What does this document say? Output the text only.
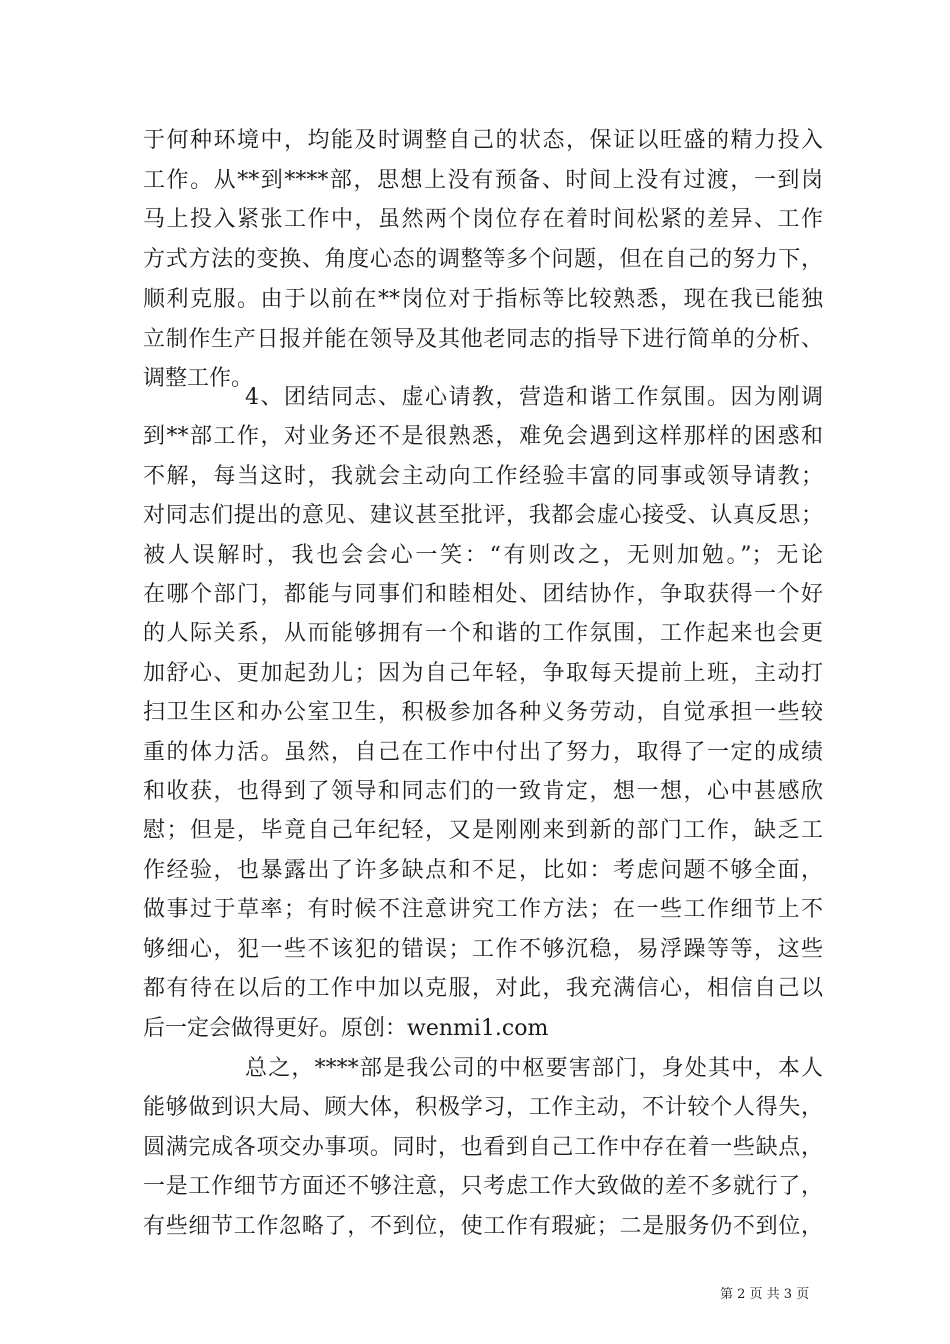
于何种环境中，均能及时调整自己的状态，保证以旺盛的精力投入
工作。从**到****部，思想上没有预备、时间上没有过渡，一到岗
马上投入紧张工作中，虽然两个岗位存在着时间松紧的差异、工作
方式方法的变换、角度心态的调整等多个问题，但在自己的努力下，
顺利克服。由于以前在**岗位对于指标等比较熟悉，现在我已能独
立制作生产日报并能在领导及其他老同志的指导下进行简单的分析、
调整工作。
4、团结同志、虚心请教，营造和谐工作氛围。因为刚调
到**部工作，对业务还不是很熟悉，难免会遇到这样那样的困惑和
不解，每当这时，我就会主动向工作经验丰富的同事或领导请教；
对同志们提出的意见、建议甚至批评，我都会虚心接受、认真反思；
被人误解时，我也会会心一笑：“有则改之，无则加勉。”；无论
在哪个部门，都能与同事们和睦相处、团结协作，争取获得一个好
的人际关系，从而能够拥有一个和谐的工作氛围，工作起来也会更
加舒心、更加起劲儿；因为自己年轻，争取每天提前上班，主动打
扫卫生区和办公室卫生，积极参加各种义务劳动，自觉承担一些较
重的体力活。虽然，自己在工作中付出了努力，取得了一定的成绩
和收获，也得到了领导和同志们的一致肯定，想一想，心中甚感欣
慰；但是，毕竟自己年纪轻，又是刚刚来到新的部门工作，缺乏工
作经验，也暴露出了许多缺点和不足，比如：考虑问题不够全面，
做事过于草率；有时候不注意讲究工作方法；在一些工作细节上不
够细心，犯一些不该犯的错误；工作不够沉稳，易浮躁等等，这些
都有待在以后的工作中加以克服，对此，我充满信心，相信自己以
后一定会做得更好。原创：wenmi1.com
总之，****部是我公司的中枢要害部门，身处其中，本人
能够做到识大局、顾大体，积极学习，工作主动，不计较个人得失，
圆满完成各项交办事项。同时，也看到自己工作中存在着一些缺点，
一是工作细节方面还不够注意，只考虑工作大致做的差不多就行了，
有些细节工作忽略了，不到位，使工作有瑕疵；二是服务仍不到位，
第 2 页 共 3 页
